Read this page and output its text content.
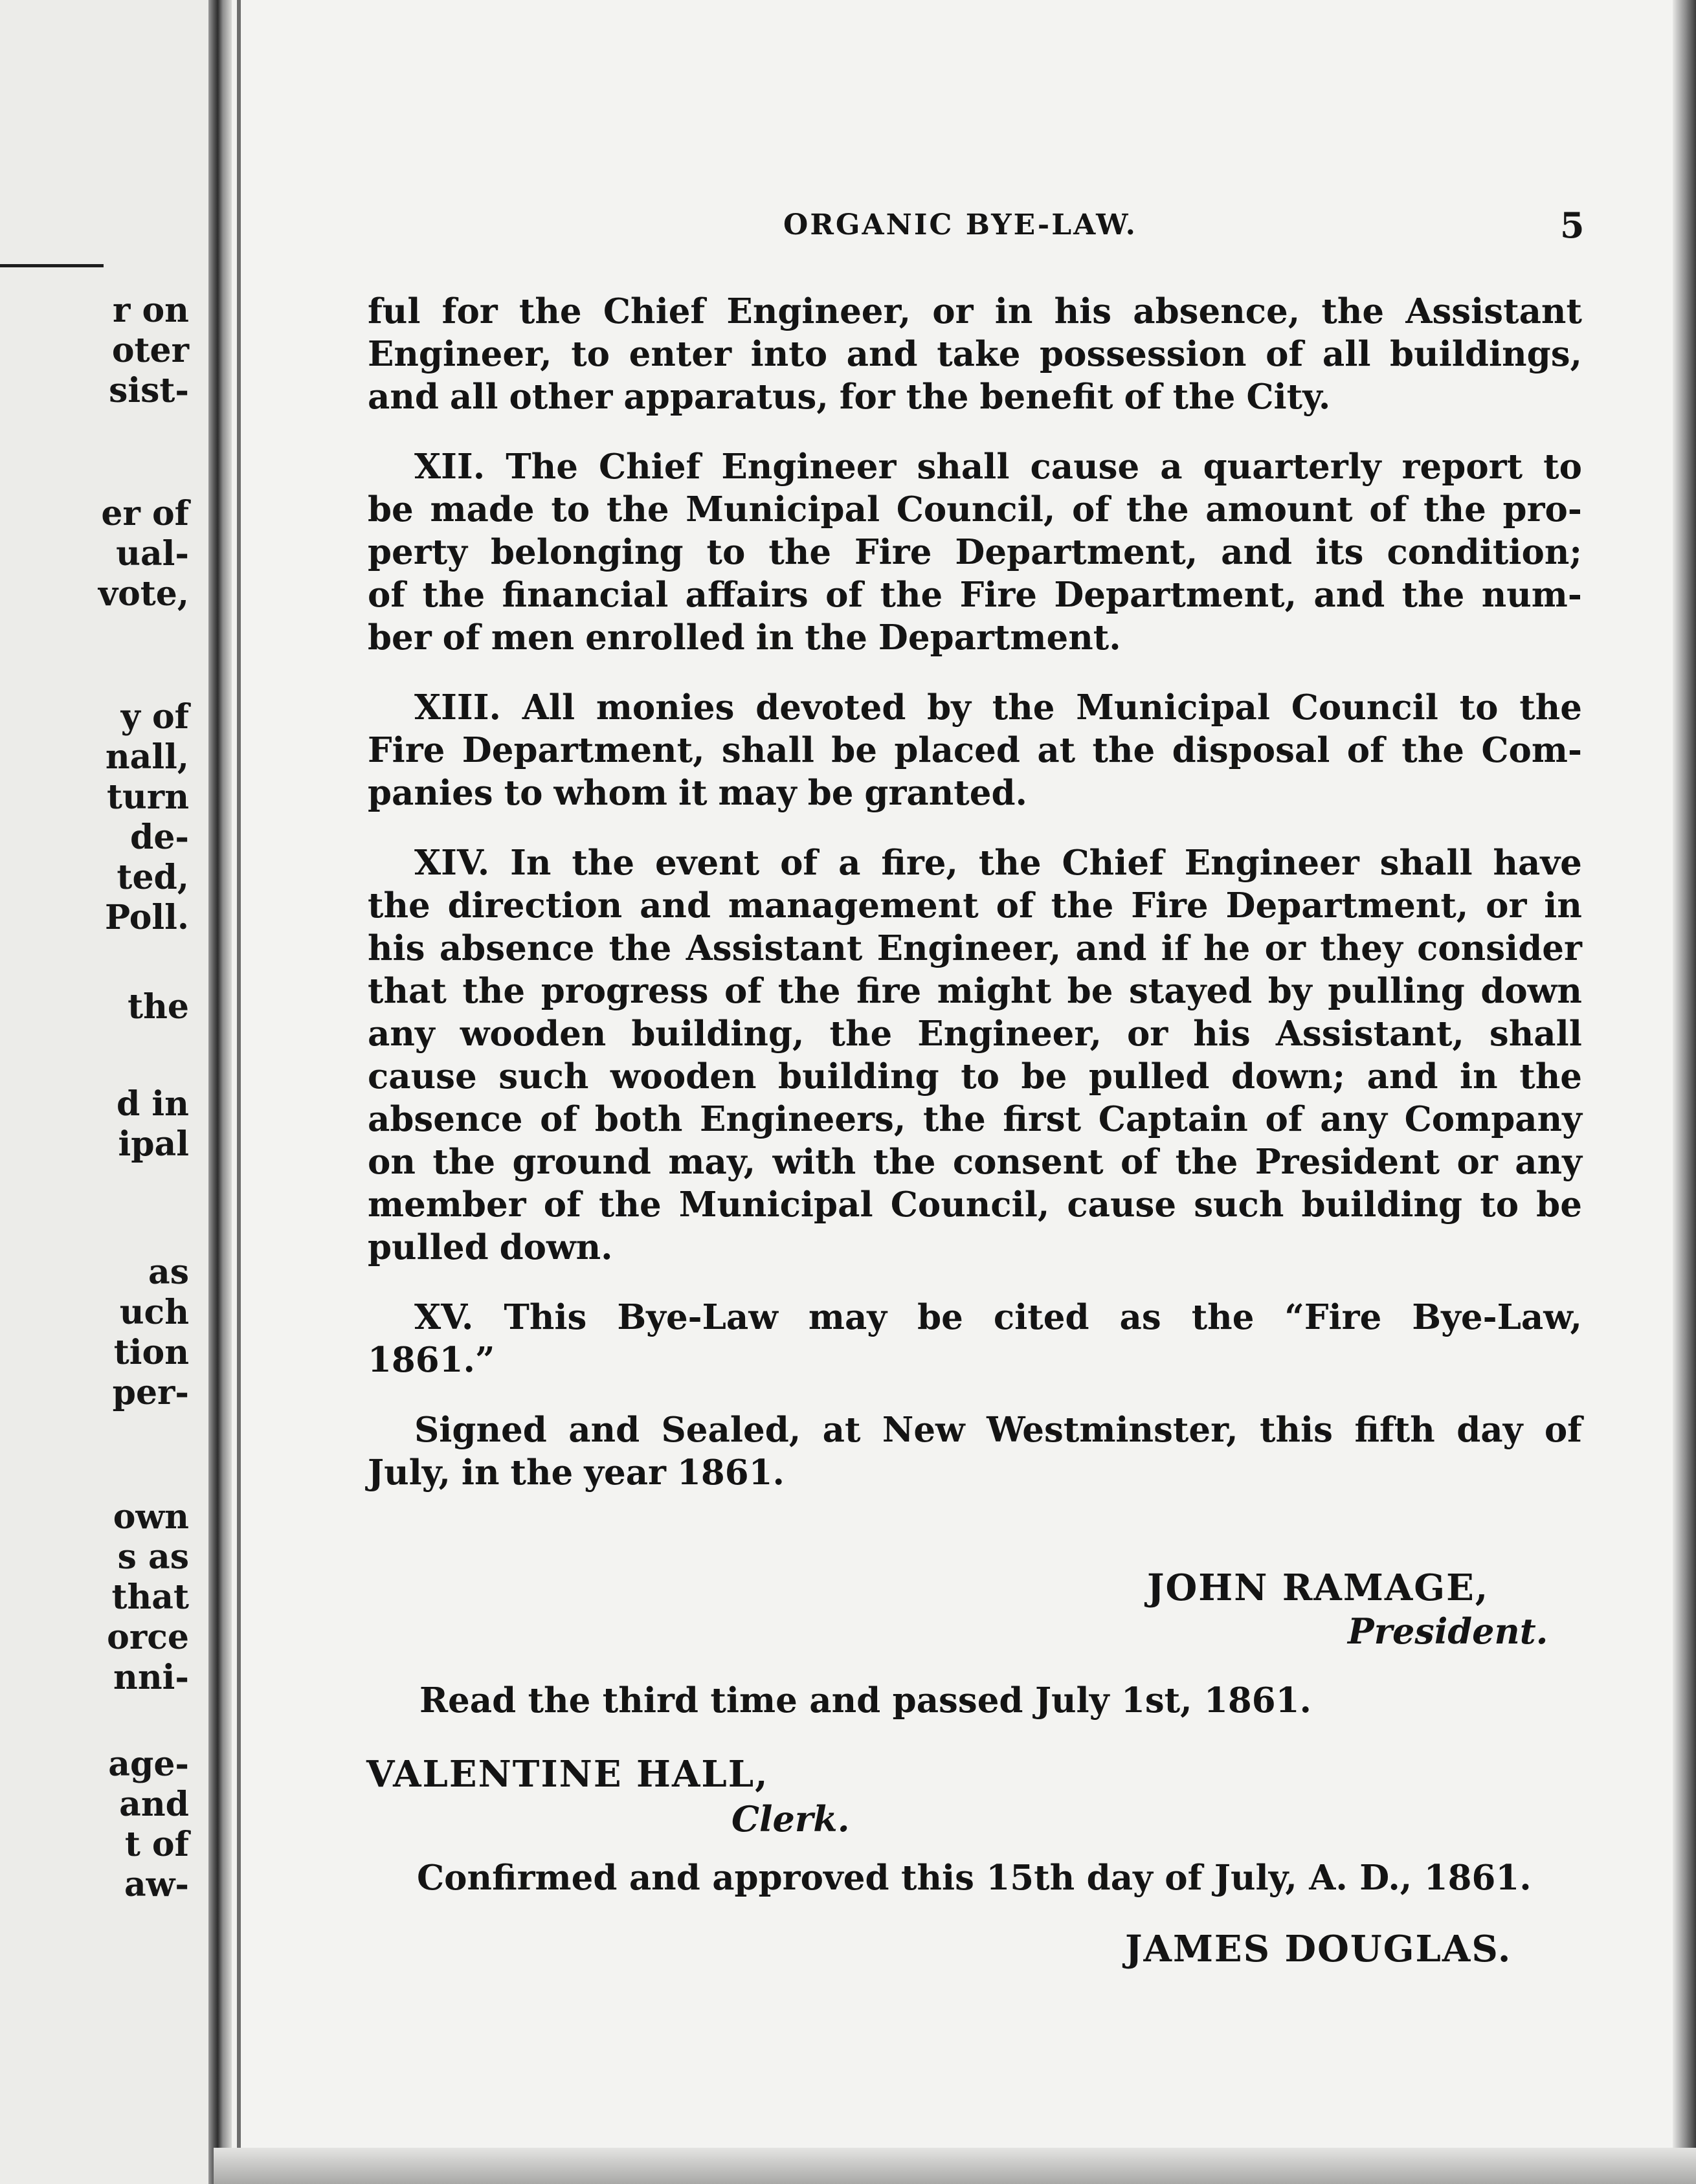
r on
oter
sist-
er of
ual-
vote,
y of
nall,
turn
de-
ted,
Poll.
the
d in
ipal
as
uch
tion
per-
own
s as
that
orce
nni-
age-
and
t of
aw-
ORGANIC BYE-LAW.	5
ful for the Chief Engineer, or in his absence, the Assistant
Engineer, to enter into and take possession of all buildings,
and all other apparatus, for the benefit of the City.
XII. The Chief Engineer shall cause a quarterly report to
be made to the Municipal Council, of the amount of the pro-
perty belonging to the Fire Department, and its condition;
of the financial affairs of the Fire Department, and the num-
ber of men enrolled in the Department.
XIII. All monies devoted by the Municipal Council to the
Fire Department, shall be placed at the disposal of the Com-
panies to whom it may be granted.
XIV. In the event of a fire, the Chief Engineer shall have
the direction and management of the Fire Department, or in
his absence the Assistant Engineer, and if he or they consider
that the progress of the fire might be stayed by pulling down
any wooden building, the Engineer, or his Assistant, shall
cause such wooden building to be pulled down; and in the
absence of both Engineers, the first Captain of any Company
on the ground may, with the consent of the President or any
member of the Municipal Council, cause such building to be
pulled down.
XV. This Bye-Law may be cited as the “Fire Bye-Law,
1861.”
Signed and Sealed, at New Westminster, this fifth day of
July, in the year 1861.
JOHN RAMAGE,
President.
Read the third time and passed July 1st, 1861.
VALENTINE HALL,
Clerk.
Confirmed and approved this 15th day of July, A. D., 1861.
JAMES DOUGLAS.
